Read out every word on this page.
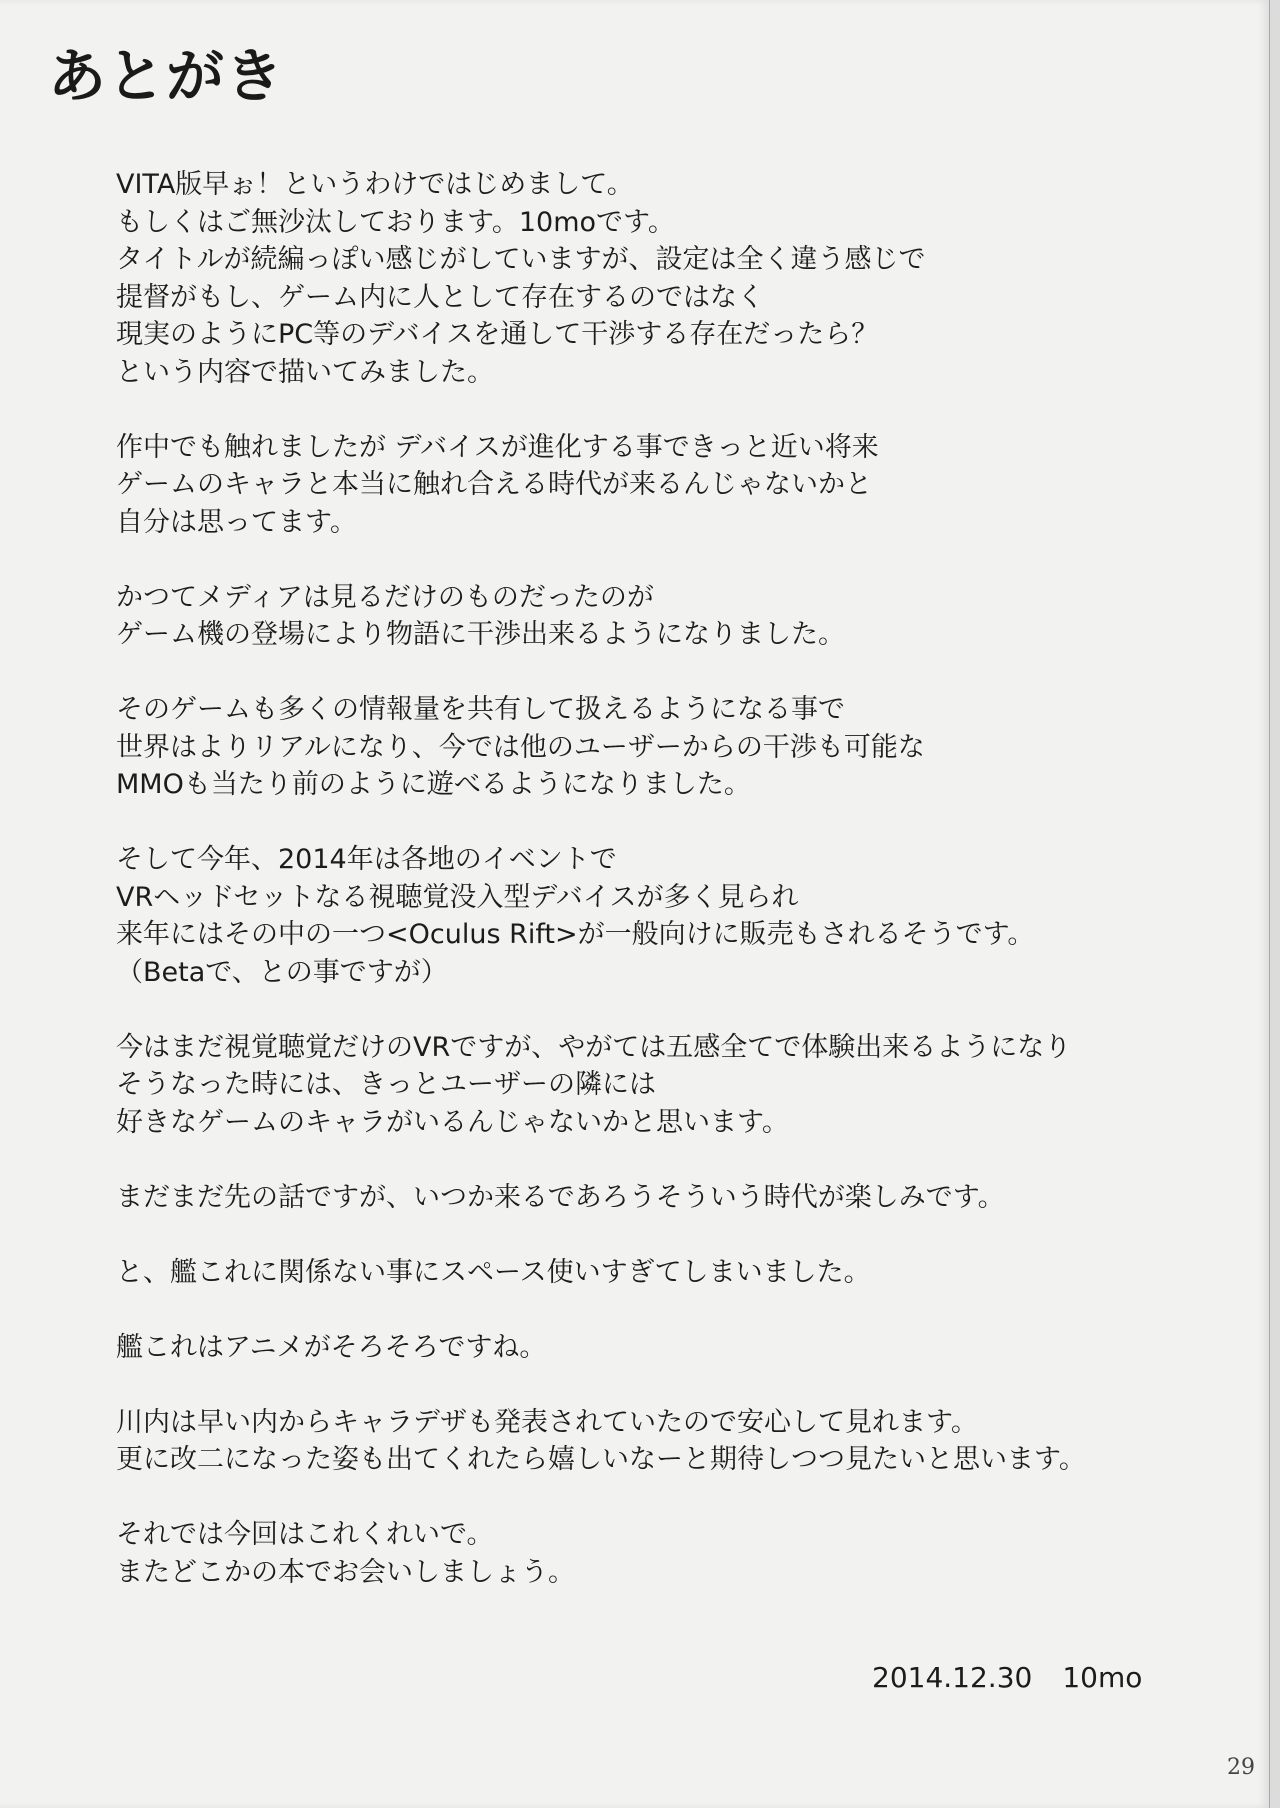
あとがき

VITA版早ぉ！というわけではじめまして。
もしくはご無沙汰しております。10moです。
タイトルが続編っぽい感じがしていますが、設定は全く違う感じで
提督がもし、ゲーム内に人として存在するのではなく
現実のようにPC等のデバイスを通して干渉する存在だったら？
という内容で描いてみました。

作中でも触れましたが デバイスが進化する事できっと近い将来
ゲームのキャラと本当に触れ合える時代が来るんじゃないかと
自分は思ってます。

かつてメディアは見るだけのものだったのが
ゲーム機の登場により物語に干渉出来るようになりました。

そのゲームも多くの情報量を共有して扱えるようになる事で
世界はよりリアルになり、今では他のユーザーからの干渉も可能な
MMOも当たり前のように遊べるようになりました。

そして今年、2014年は各地のイベントで
VRヘッドセットなる視聴覚没入型デバイスが多く見られ
来年にはその中の一つ<Oculus Rift>が一般向けに販売もされるそうです。
（Betaで、との事ですが）

今はまだ視覚聴覚だけのVRですが、やがては五感全てで体験出来るようになり
そうなった時には、きっとユーザーの隣には
好きなゲームのキャラがいるんじゃないかと思います。

まだまだ先の話ですが、いつか来るであろうそういう時代が楽しみです。

と、艦これに関係ない事にスペース使いすぎてしまいました。

艦これはアニメがそろそろですね。

川内は早い内からキャラデザも発表されていたので安心して見れます。
更に改二になった姿も出てくれたら嬉しいなーと期待しつつ見たいと思います。

それでは今回はこれくれいで。
またどこかの本でお会いしましょう。

2014.12.30 10mo
29
